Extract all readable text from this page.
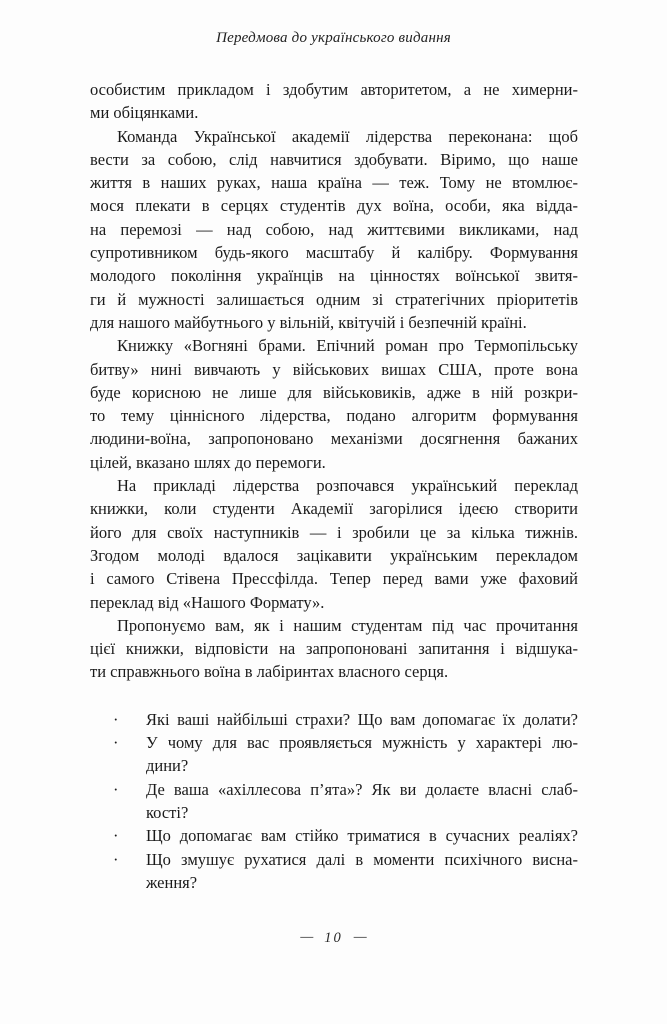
Передмова до українського видання
особистим прикладом і здобутим авторитетом, а не химерни-
ми обіцянками.
Команда Української академії лідерства переконана: щоб
вести за собою, слід навчитися здобувати. Віримо, що наше
життя в наших руках, наша країна — теж. Тому не втомлює-
мося плекати в серцях студентів дух воїна, особи, яка відда-
на перемозі — над собою, над життєвими викликами, над
супротивником будь-якого масштабу й калібру. Формування
молодого покоління українців на цінностях воїнської звитя-
ги й мужності залишається одним зі стратегічних пріоритетів
для нашого майбутнього у вільній, квітучій і безпечній країні.
Книжку «Вогняні брами. Епічний роман про Термопільську
битву» нині вивчають у військових вишах США, проте вона
буде корисною не лише для військовиків, адже в ній розкри-
то тему ціннісного лідерства, подано алгоритм формування
людини-воїна, запропоновано механізми досягнення бажаних
цілей, вказано шлях до перемоги.
На прикладі лідерства розпочався український переклад
книжки, коли студенти Академії загорілися ідеєю створити
його для своїх наступників — і зробили це за кілька тижнів.
Згодом молоді вдалося зацікавити українським перекладом
і самого Стівена Прессфілда. Тепер перед вами уже фаховий
переклад від «Нашого Формату».
Пропонуємо вам, як і нашим студентам під час прочитання
цієї книжки, відповісти на запропоновані запитання і відшука-
ти справжнього воїна в лабіринтах власного серця.
· Які ваші найбільші страхи? Що вам допомагає їх долати?
· У чому для вас проявляється мужність у характері лю-
дини?
· Де ваша «ахіллесова п’ята»? Як ви долаєте власні слаб-
кості?
· Що допомагає вам стійко триматися в сучасних реаліях?
· Що змушує рухатися далі в моменти психічного висна-
ження?
— 10 —
